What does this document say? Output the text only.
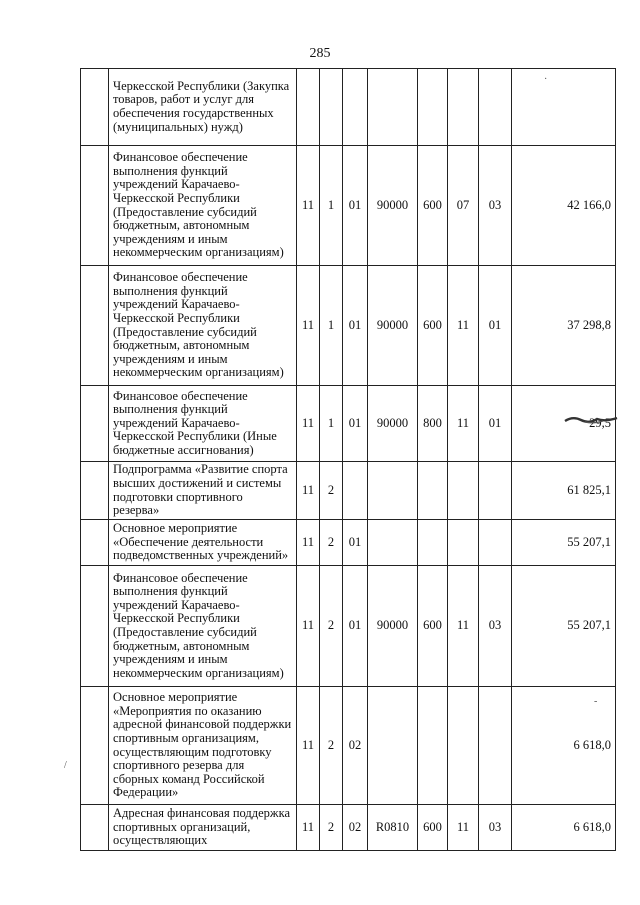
285
	Черкесской Республики (Закупка товаров, работ и услуг для обеспечения государственных (муниципальных) нужд)								
	Финансовое обеспечение выполнения функций учреждений Карачаево-Черкесской Республики (Предоставление субсидий бюджетным, автономным учреждениям и иным некоммерческим организациям)	11	1	01	90000	600	07	03	42 166,0
	Финансовое обеспечение выполнения функций учреждений Карачаево-Черкесской Республики (Предоставление субсидий бюджетным, автономным учреждениям и иным некоммерческим организациям)	11	1	01	90000	600	11	01	37 298,8
	Финансовое обеспечение выполнения функций учреждений Карачаево-Черкесской Республики (Иные бюджетные ассигнования)	11	1	01	90000	800	11	01	29,5
	Подпрограмма «Развитие спорта высших достижений и системы подготовки спортивного резерва»	11	2						61 825,1
	Основное мероприятие «Обеспечение деятельности подведомственных учреждений»	11	2	01					55 207,1
	Финансовое обеспечение выполнения функций учреждений Карачаево-Черкесской Республики (Предоставление субсидий бюджетным, автономным учреждениям и иным некоммерческим организациям)	11	2	01	90000	600	11	03	55 207,1
	Основное мероприятие «Мероприятия по оказанию адресной финансовой поддержки спортивным организациям, осуществляющим подготовку спортивного резерва для сборных команд Российской Федерации»	11	2	02					6 618,0
	Адресная финансовая поддержка спортивных организаций, осуществляющих	11	2	02	R0810	600	11	03	6 618,0
·
-
/
